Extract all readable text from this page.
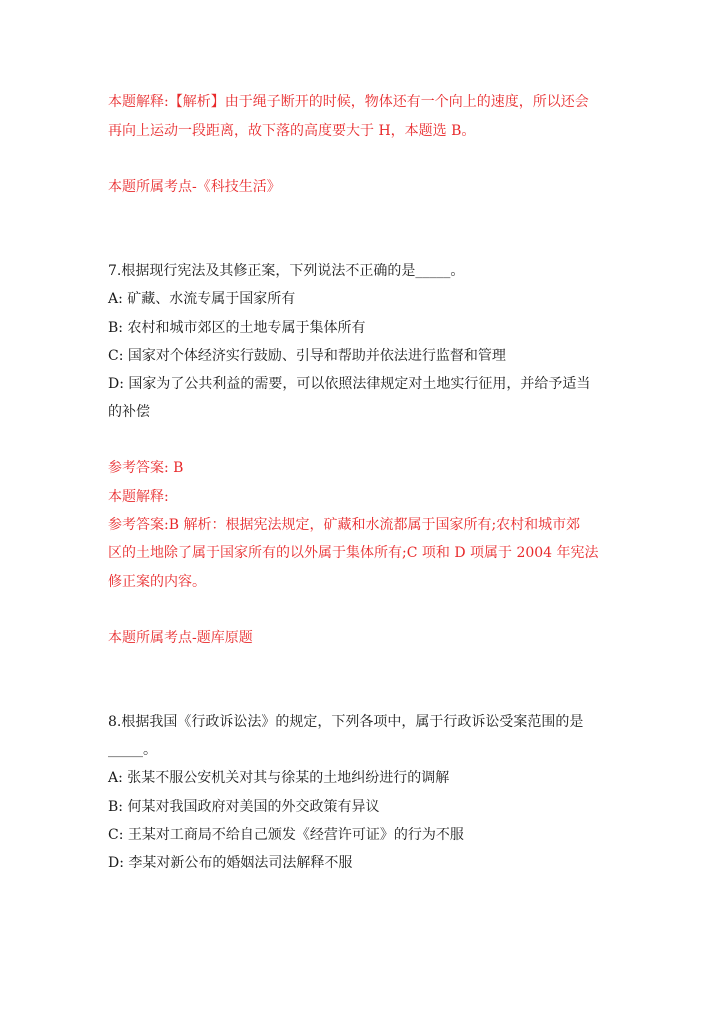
本题解释:【解析】由于绳子断开的时候，物体还有一个向上的速度，所以还会
再向上运动一段距离，故下落的高度要大于 H，本题选 B。
本题所属考点-《科技生活》
7.根据现行宪法及其修正案，下列说法不正确的是_____。
A: 矿藏、水流专属于国家所有
B: 农村和城市郊区的土地专属于集体所有
C: 国家对个体经济实行鼓励、引导和帮助并依法进行监督和管理
D: 国家为了公共利益的需要，可以依照法律规定对土地实行征用，并给予适当
的补偿
参考答案: B
本题解释:
参考答案:B 解析：根据宪法规定，矿藏和水流都属于国家所有;农村和城市郊
区的土地除了属于国家所有的以外属于集体所有;C 项和 D 项属于 2004 年宪法
修正案的内容。
本题所属考点-题库原题
8.根据我国《行政诉讼法》的规定，下列各项中，属于行政诉讼受案范围的是
_____。
A: 张某不服公安机关对其与徐某的土地纠纷进行的调解
B: 何某对我国政府对美国的外交政策有异议
C: 王某对工商局不给自己颁发《经营许可证》的行为不服
D: 李某对新公布的婚姻法司法解释不服
